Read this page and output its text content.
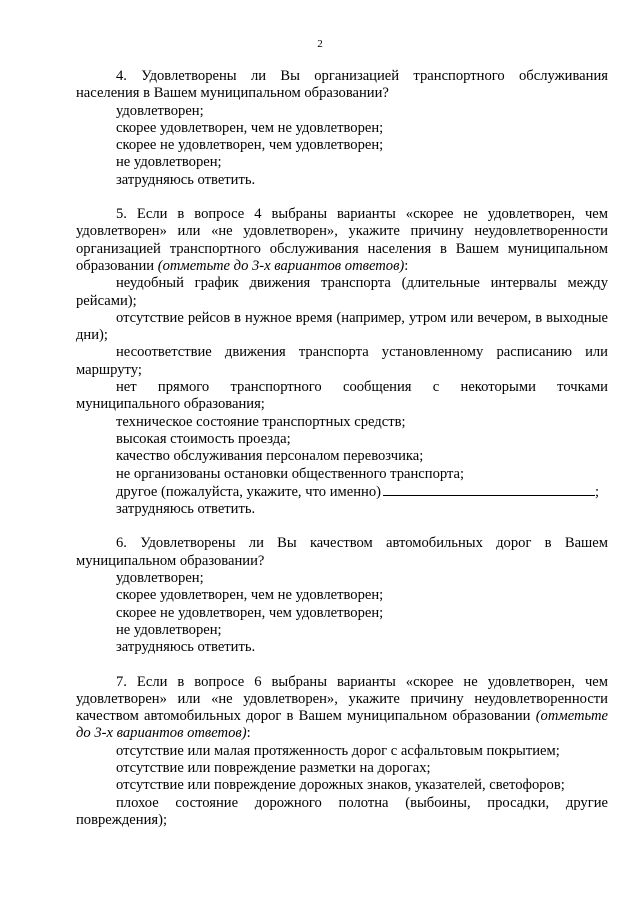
2

4. Удовлетворены ли Вы организацией транспортного обслуживания населения в Вашем муниципальном образовании?

удовлетворен;

скорее удовлетворен, чем не удовлетворен;

скорее не удовлетворен, чем удовлетворен;

не удовлетворен;

затрудняюсь ответить.

5. Если в вопросе 4 выбраны варианты «скорее не удовлетворен, чем удовлетворен» или «не удовлетворен», укажите причину неудовлетворенности организацией транспортного обслуживания населения в Вашем муниципальном образовании (отметьте до 3-х вариантов ответов):

неудобный график движения транспорта (длительные интервалы между рейсами);

отсутствие рейсов в нужное время (например, утром или вечером, в выходные дни);

несоответствие движения транспорта установленному расписанию или маршруту;

нет прямого транспортного сообщения с некоторыми точками муниципального образования;

техническое состояние транспортных средств;

высокая стоимость проезда;

качество обслуживания персоналом перевозчика;

не организованы остановки общественного транспорта;

другое (пожалуйста, укажите, что именно)	;

затрудняюсь ответить.

6. Удовлетворены ли Вы качеством автомобильных дорог в Вашем муниципальном образовании?

удовлетворен;

скорее удовлетворен, чем не удовлетворен;

скорее не удовлетворен, чем удовлетворен;

не удовлетворен;

затрудняюсь ответить.

7. Если в вопросе 6 выбраны варианты «скорее не удовлетворен, чем удовлетворен» или «не удовлетворен», укажите причину неудовлетворенности качеством автомобильных дорог в Вашем муниципальном образовании (отметьте до 3-х вариантов ответов):

отсутствие или малая протяженность дорог с асфальтовым покрытием;

отсутствие или повреждение разметки на дорогах;

отсутствие или повреждение дорожных знаков, указателей, светофоров;

плохое состояние дорожного полотна (выбоины, просадки, другие повреждения);
